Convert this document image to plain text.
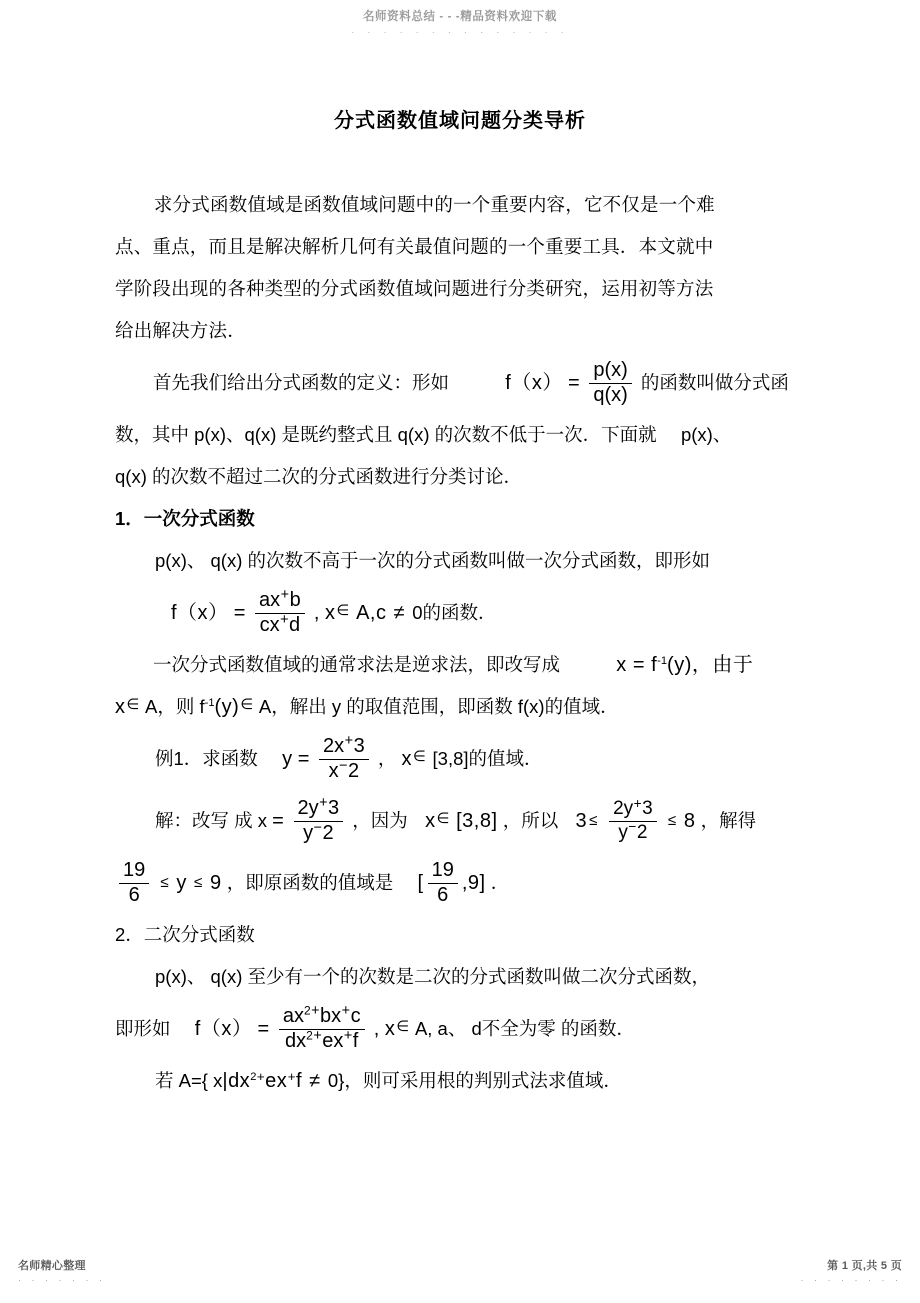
名师资料总结 - - -精品资料欢迎下载
· · · · · · · · · · · · · ·
分式函数值域问题分类导析

求分式函数值域是函数值域问题中的一个重要内容，它不仅是一个难

点、重点，而且是解决解析几何有关最值问题的一个重要工具．本文就中

学阶段出现的各种类型的分式函数值域问题进行分类研究，运用初等方法

给出解决方法．

首先我们给出分式函数的定义：形如	$f(x) = \frac{p(x)}{q(x)}$ 的函数叫做分式函
数，其中 p(x)、q(x) 是既约整式且 q(x) 的次数不低于一次．下面就 p(x)、
q(x) 的次数不超过二次的分式函数进行分类讨论．
1．一次分式函数
p(x)、 q(x) 的次数不高于一次的分式函数叫做一次分式函数，即形如
$f(x) = \frac{ax^+b}{cx^+d}$ , x∈ A,c ≠ 0的函数．
一次分式函数值域的通常求法是逆求法，即改写成	$x = f^{-1}(y)$，由于
x∈ A，则 $f^{-1}(y)^\in$ A，解出 y 的取值范围，即函数 f(x)的值域．
例1．求函数 $y = \frac{2x^+3}{x^-2}$ ， x∈ [3,8]的值域．
解：改写 成 $x = \frac{2y^+3}{y^-2}$ ，因为 x∈ [3,8] ，所以 $3 \le \frac{2y^+3}{y^-2} \le 8$ ，解得
$\frac{19}{6} \le y \le 9$ ，即原函数的值域是 [ $\frac{19}{6} ,9$] ．
2．二次分式函数
p(x)、 q(x) 至少有一个的次数是二次的分式函数叫做二次分式函数，
即形如 $f(x) = \frac{ax^{2+}bx^+c}{dx^{2+}ex^+f}$ , x∈ A, a、 d不全为零 的函数．
若 A={ $x|dx^{2+}ex^+f \ne 0$}，则可采用根的判别式法求值域．
名师精心整理
· · · · · · ·
第 1 页,共 5 页
· · · · · · · ·
